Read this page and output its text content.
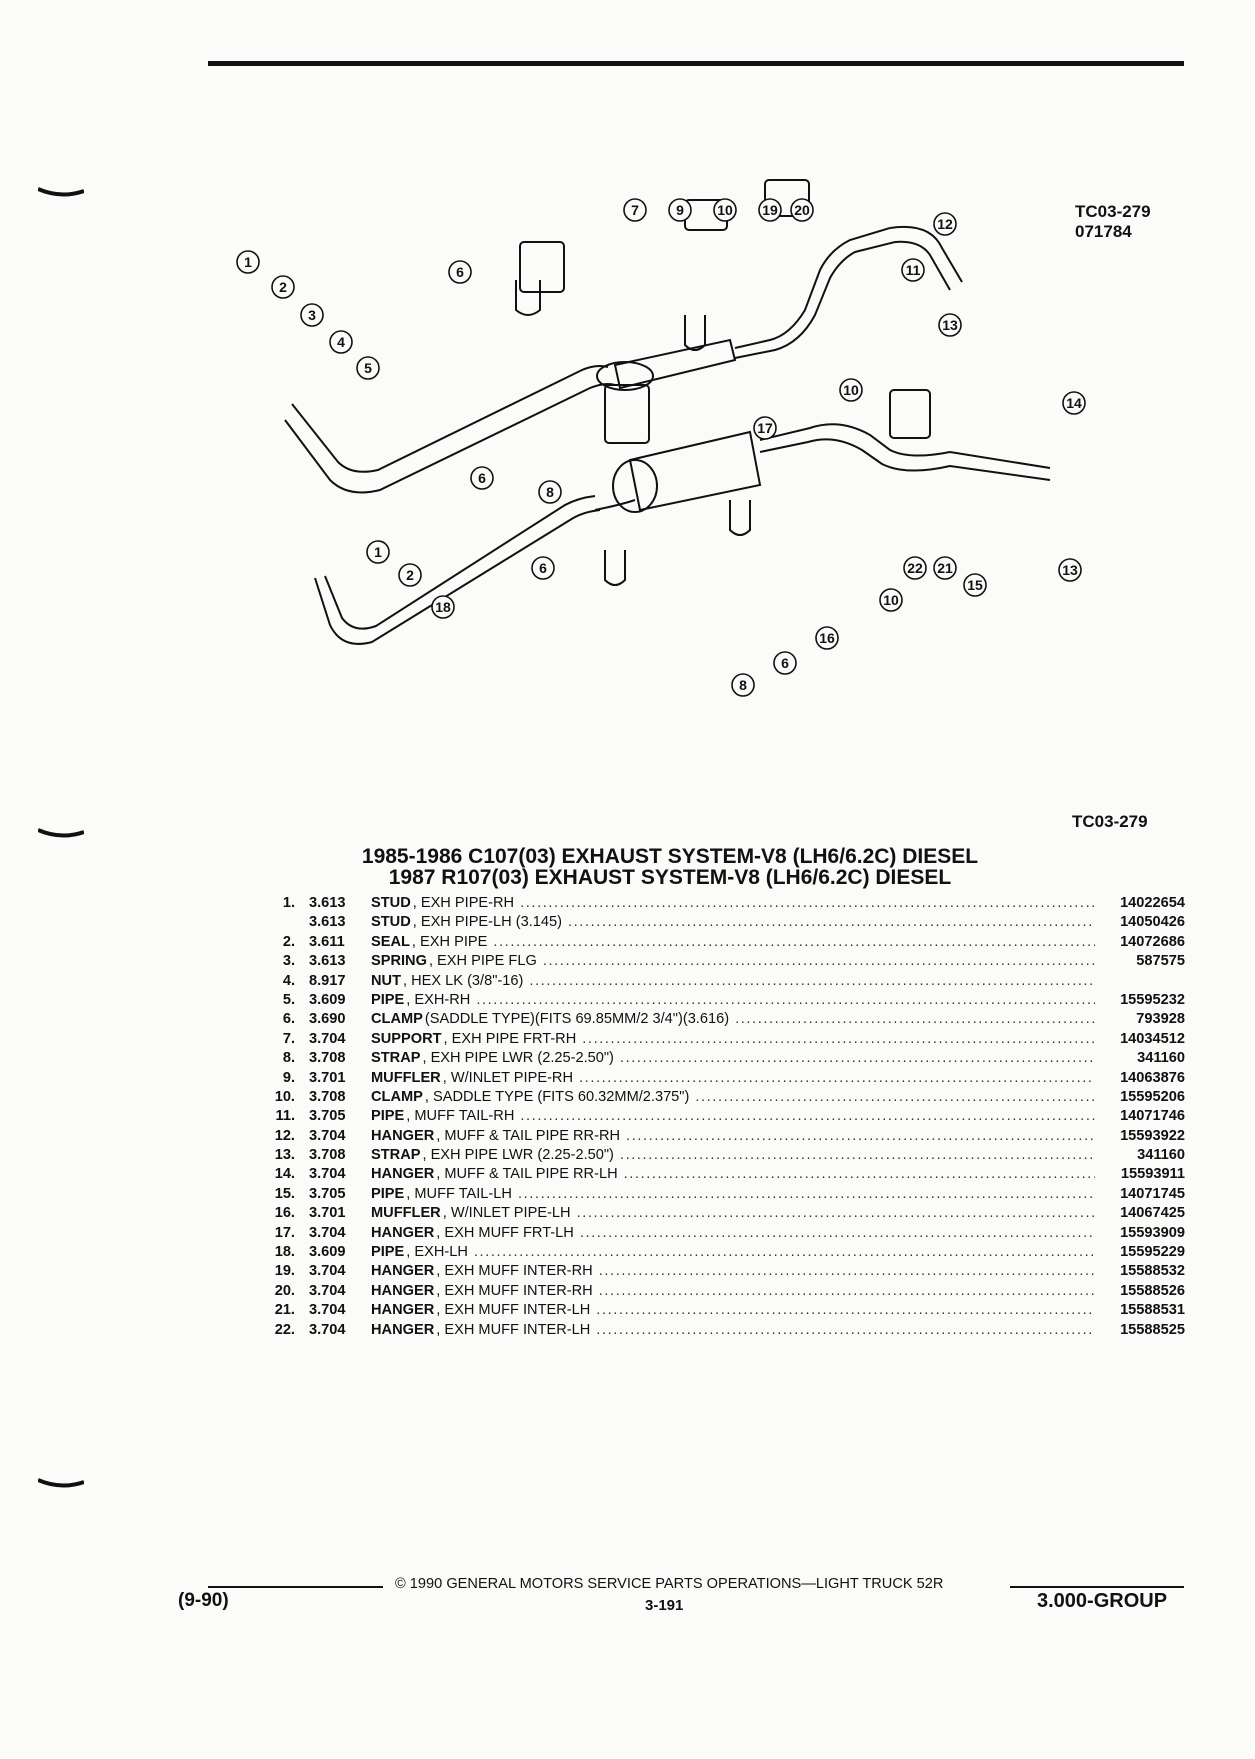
TC03-279
071784
1
2
3
4
5
6
6
7
8
9 10
10
11
12
13
14
17
19 20
1
2	6
6
8
10
13
15
16
18
21
22
TC03-279
1985-1986 C107(03) EXHAUST SYSTEM-V8 (LH6/6.2C) DIESEL
1987 R107(03) EXHAUST SYSTEM-V8 (LH6/6.2C) DIESEL
1. 3.613	STUD , EXH PIPE-RH .....	14022654
3.613	STUD , EXH PIPE-LH (3.145) .....	14050426
2. 3.611	SEAL , EXH PIPE .....	14072686
3. 3.613	SPRING , EXH PIPE FLG .....	587575
4. 8.917	NUT , HEX LK (3/8"-16)
.....
5. 3.609	PIPE , EXH-RH .....	15595232
6. 3.690	CLAMP (SADDLE TYPE)(FITS 69.85MM/2 3/4")(3.616) .....	793928
7. 3.704	SUPPORT , EXH PIPE FRT-RH .....	14034512
8. 3.708	STRAP , EXH PIPE LWR (2.25-2.50") .....	341160
9. 3.701	MUFFLER , W/INLET PIPE-RH .....	14063876
10. 3.708	CLAMP , SADDLE TYPE (FITS 60.32MM/2.375") .....	15595206
11. 3.705	PIPE , MUFF TAIL-RH .....	14071746
12. 3.704	HANGER , MUFF & TAIL PIPE RR-RH .....	15593922
13. 3.708	STRAP , EXH PIPE LWR (2.25-2.50") .....	341160
14. 3.704	HANGER , MUFF & TAIL PIPE RR-LH .....	15593911
15. 3.705	PIPE , MUFF TAIL-LH .....	14071745
16. 3.701	MUFFLER , W/INLET PIPE-LH .....	14067425
17. 3.704	HANGER , EXH MUFF FRT-LH .....	15593909
18. 3.609	PIPE , EXH-LH .....	15595229
19. 3.704	HANGER , EXH MUFF INTER-RH .....	15588532
20. 3.704	HANGER , EXH MUFF INTER-RH .....	15588526
21. 3.704	HANGER , EXH MUFF INTER-LH .....	15588531
22. 3.704	HANGER , EXH MUFF INTER-LH .....	15588525
© 1990 GENERAL MOTORS SERVICE PARTS OPERATIONS—LIGHT TRUCK 52R
(9-90)	3-191	3.000-GROUP
